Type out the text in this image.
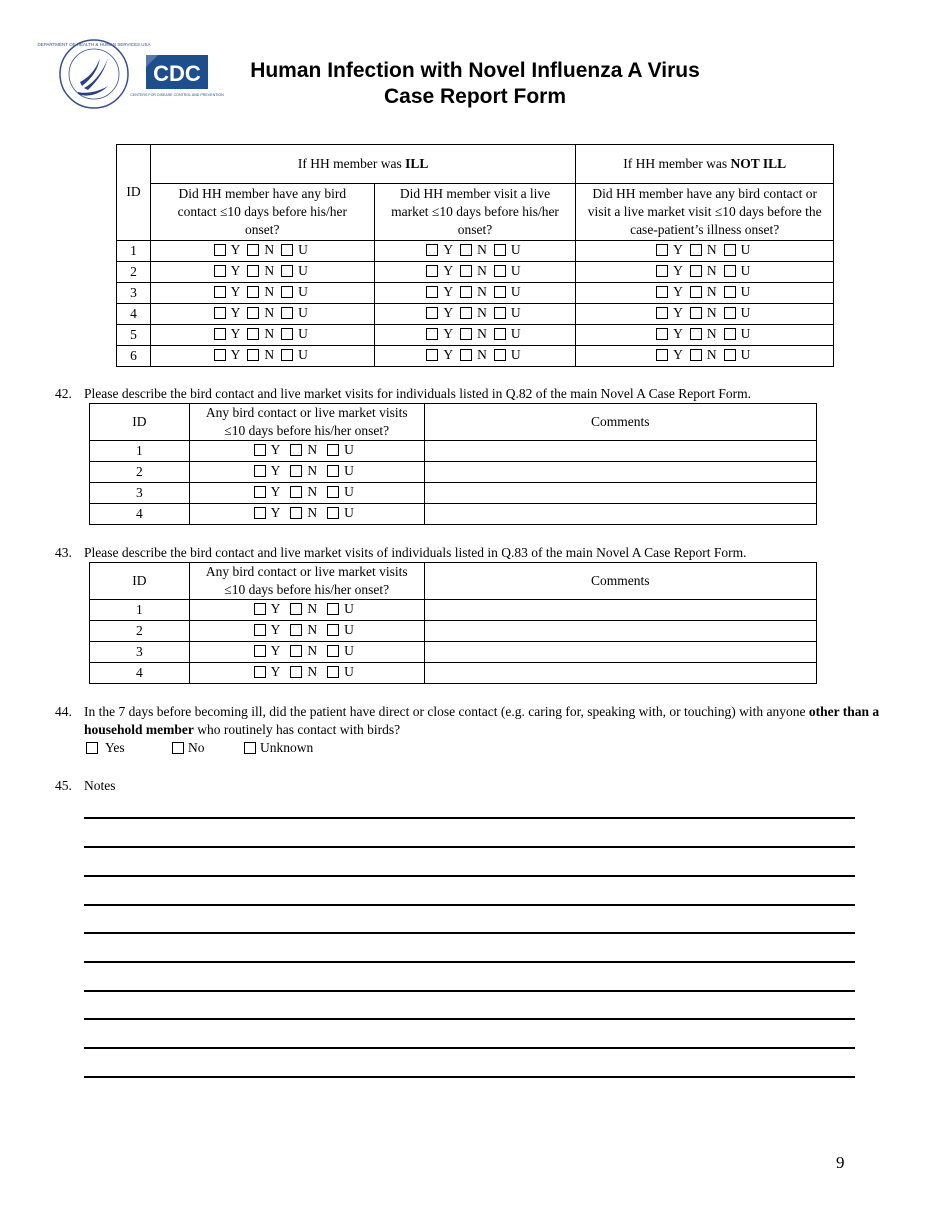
DEPARTMENT OF HEALTH & HUMAN SERVICES USA
CDC
CENTERS FOR DISEASE CONTROL AND PREVENTION
Human Infection with Novel Influenza A Virus
Case Report Form
ID	If HH member was ILL		If HH member was NOT ILL
	Did HH member have any bird contact ≤10 days before his/her onset?	Did HH member visit a live market ≤10 days before his/her onset?	Did HH member have any bird contact or visit a live market visit ≤10 days before the case-patient’s illness onset?
1	Y N U	Y N U	Y N U

2	Y N U	Y N U	Y N U

3	Y N U	Y N U	Y N U

4	Y N U	Y N U	Y N U

5	Y N U	Y N U	Y N U

6	Y N U	Y N U	Y N U
42. Please describe the bird contact and live market visits for individuals listed in Q.82 of the main Novel A Case Report Form.
ID	Any bird contact or live market visits ≤10 days before his/her onset?	Comments
1	Y N U	

2	Y N U	

3	Y N U	

4	Y N U	

43. Please describe the bird contact and live market visits of individuals listed in Q.83 of the main Novel A Case Report Form.
ID	Any bird contact or live market visits ≤10 days before his/her onset?	Comments
1	Y N U	

2	Y N U	

3	Y N U	

4	Y N U	

44. In the 7 days before becoming ill, did the patient have direct or close contact (e.g. caring for, speaking with, or touching) with anyone other than a household member who routinely has contact with birds?
Yes	No	Unknown
45. Notes
9
